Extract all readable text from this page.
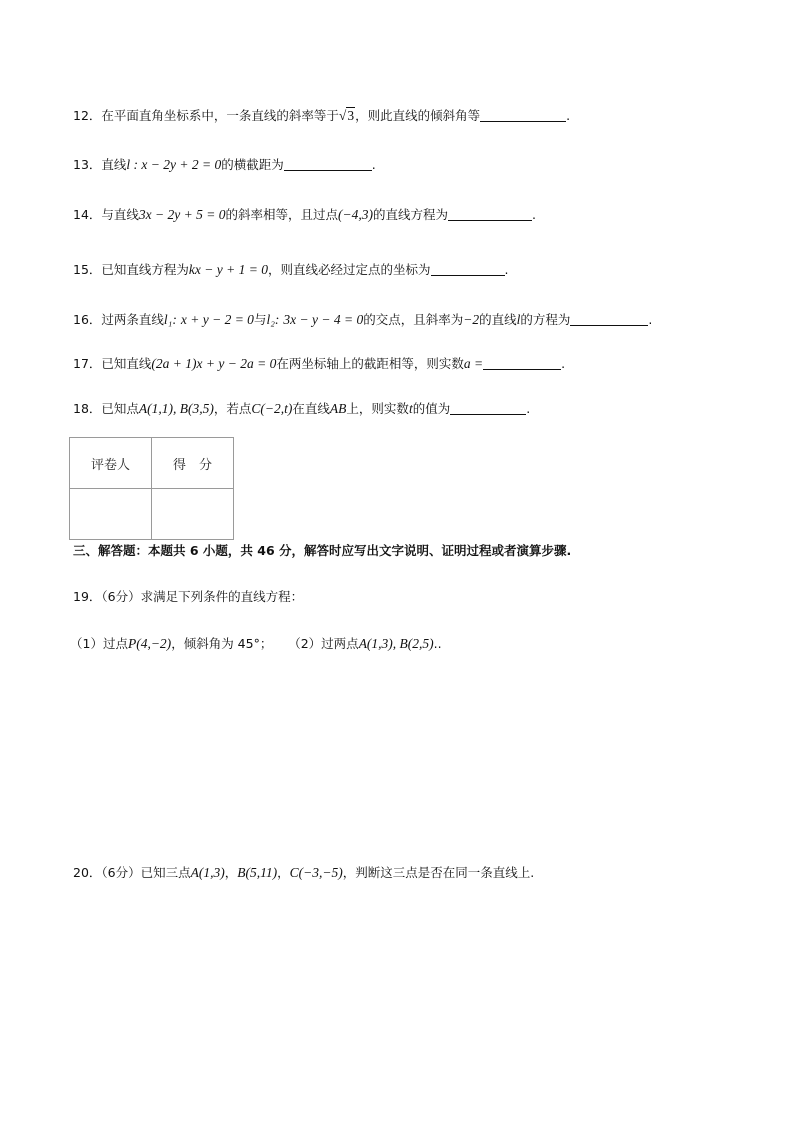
12．在平面直角坐标系中，一条直线的斜率等于√3，则此直线的倾斜角等	.
13．直线l : x − 2y + 2 = 0的横截距为	.
14．与直线3x − 2y + 5 = 0的斜率相等，且过点(−4,3)的直线方程为	.
15．已知直线方程为kx − y + 1 = 0，则直线必经过定点的坐标为	.
16．过两条直线l₁: x + y − 2 = 0与l₂: 3x − y − 4 = 0的交点，且斜率为−2的直线l的方程为	.
17．已知直线(2a + 1)x + y − 2a = 0在两坐标轴上的截距相等，则实数a =	.
18．已知点A(1,1), B(3,5)，若点C(−2,t)在直线AB上，则实数t的值为	.
评卷人	得　分

三、解答题：本题共 6 小题，共 46 分，解答时应写出文字说明、证明过程或者演算步骤.
19．（6分）求满足下列条件的直线方程：
（1）过点P(4,−2)，倾斜角为 45°； （2）过两点A(1,3), B(2,5)..
20．（6分）已知三点A(1,3)，B(5,11)，C(−3,−5)，判断这三点是否在同一条直线上.
